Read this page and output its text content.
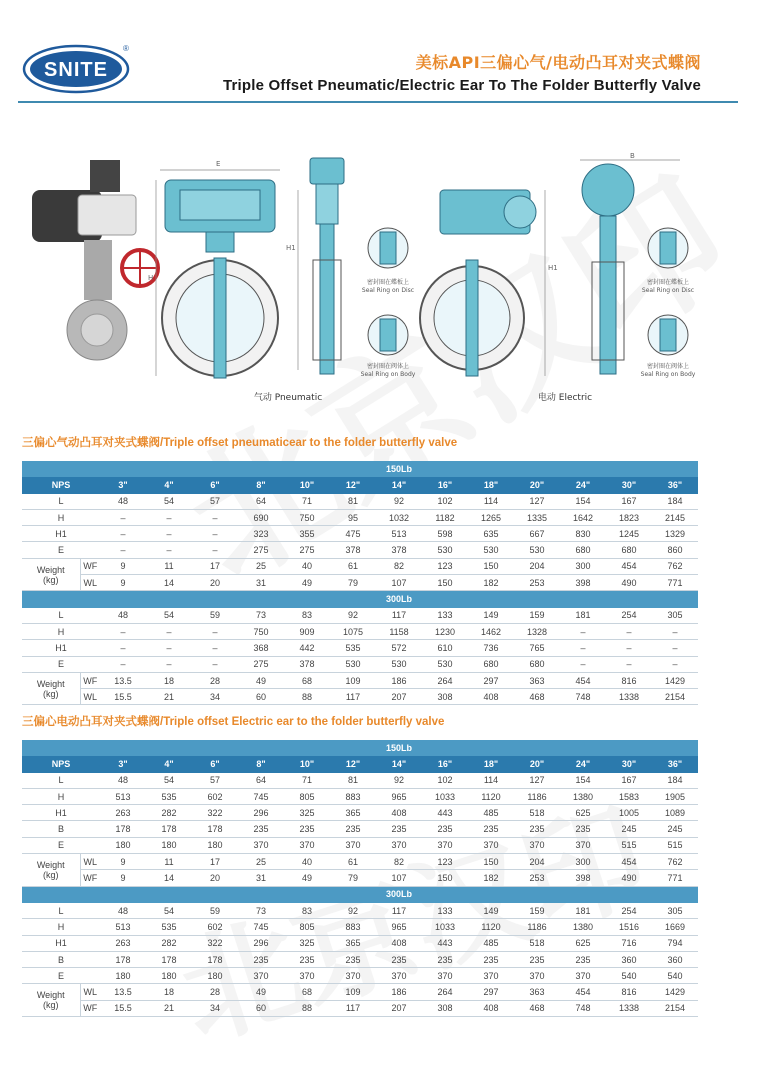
SNITE
®
美标API三偏心气/电动凸耳对夹式蝶阀
Triple Offset Pneumatic/Electric Ear To The Folder Butterfly Valve
E
H
H1
密封圈在蝶板上
Seal Ring on Disc
密封圈在阀体上
Seal Ring on Body
H1
B
密封圈在蝶板上
Seal Ring on Disc
密封圈在阀体上
Seal Ring on Body
气动 Pneumatic	电动 Electric
三偏心气动凸耳对夹式蝶阀/Triple offset pneumaticear to the folder butterfly valve
		150Lb												
NPS		3"	4"	6"	8"	10"	12"	14"	16"	18"	20"	24"	30"	36"
L		48	54	57	64	71	81	92	102	114	127	154	167	184
H		–	–	–	690	750	95	1032	1182	1265	1335	1642	1823	2145
H1		–	–	–	323	355	475	513	598	635	667	830	1245	1329
E		–	–	–	275	275	378	378	530	530	530	680	680	860
Weight
(kg)	WF	9	11	17	25	40	61	82	123	150	204	300	454	762
	WL	9	14	20	31	49	79	107	150	182	253	398	490	771
		300Lb												
L		48	54	59	73	83	92	117	133	149	159	181	254	305
H		–	–	–	750	909	1075	1158	1230	1462	1328	–	–	–
H1		–	–	–	368	442	535	572	610	736	765	–	–	–
E		–	–	–	275	378	530	530	530	680	680	–	–	–
Weight
(kg)	WF	13.5	18	28	49	68	109	186	264	297	363	454	816	1429
	WL	15.5	21	34	60	88	117	207	308	408	468	748	1338	2154
三偏心电动凸耳对夹式蝶阀/Triple offset Electric ear to the folder butterfly valve
		150Lb												
NPS		3"	4"	6"	8"	10"	12"	14"	16"	18"	20"	24"	30"	36"
L		48	54	57	64	71	81	92	102	114	127	154	167	184
H		513	535	602	745	805	883	965	1033	1120	1186	1380	1583	1905
H1		263	282	322	296	325	365	408	443	485	518	625	1005	1089
B		178	178	178	235	235	235	235	235	235	235	235	245	245
E		180	180	180	370	370	370	370	370	370	370	370	515	515
Weight
(kg)	WL	9	11	17	25	40	61	82	123	150	204	300	454	762
	WF	9	14	20	31	49	79	107	150	182	253	398	490	771
		300Lb												
L		48	54	59	73	83	92	117	133	149	159	181	254	305
H		513	535	602	745	805	883	965	1033	1120	1186	1380	1516	1669
H1		263	282	322	296	325	365	408	443	485	518	625	716	794
B		178	178	178	235	235	235	235	235	235	235	235	360	360
E		180	180	180	370	370	370	370	370	370	370	370	540	540
Weight
(kg)	WL	13.5	18	28	49	68	109	186	264	297	363	454	816	1429
	WF	15.5	21	34	60	88	117	207	308	408	468	748	1338	2154
